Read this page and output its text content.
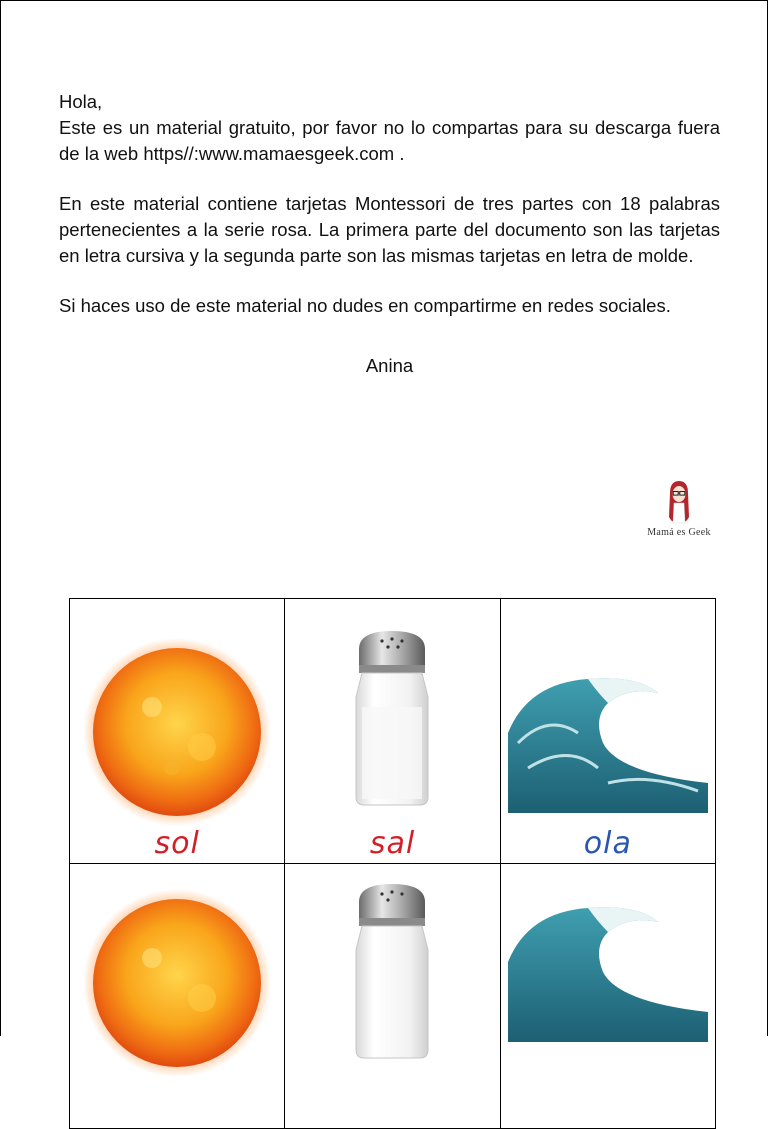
Hola,

Este es un material gratuito, por favor no lo compartas para su descarga fuera de la web https//:www.mamaesgeek.com .

En este material contiene tarjetas Montessori de tres partes con 18 palabras pertenecientes a la serie rosa. La primera parte del documento son las tarjetas en letra cursiva y la segunda parte son las mismas tarjetas en letra de molde.

Si haces uso de este material no dudes en compartirme en redes sociales.

Anina

Mamá es Geek
sol	sal	ola
